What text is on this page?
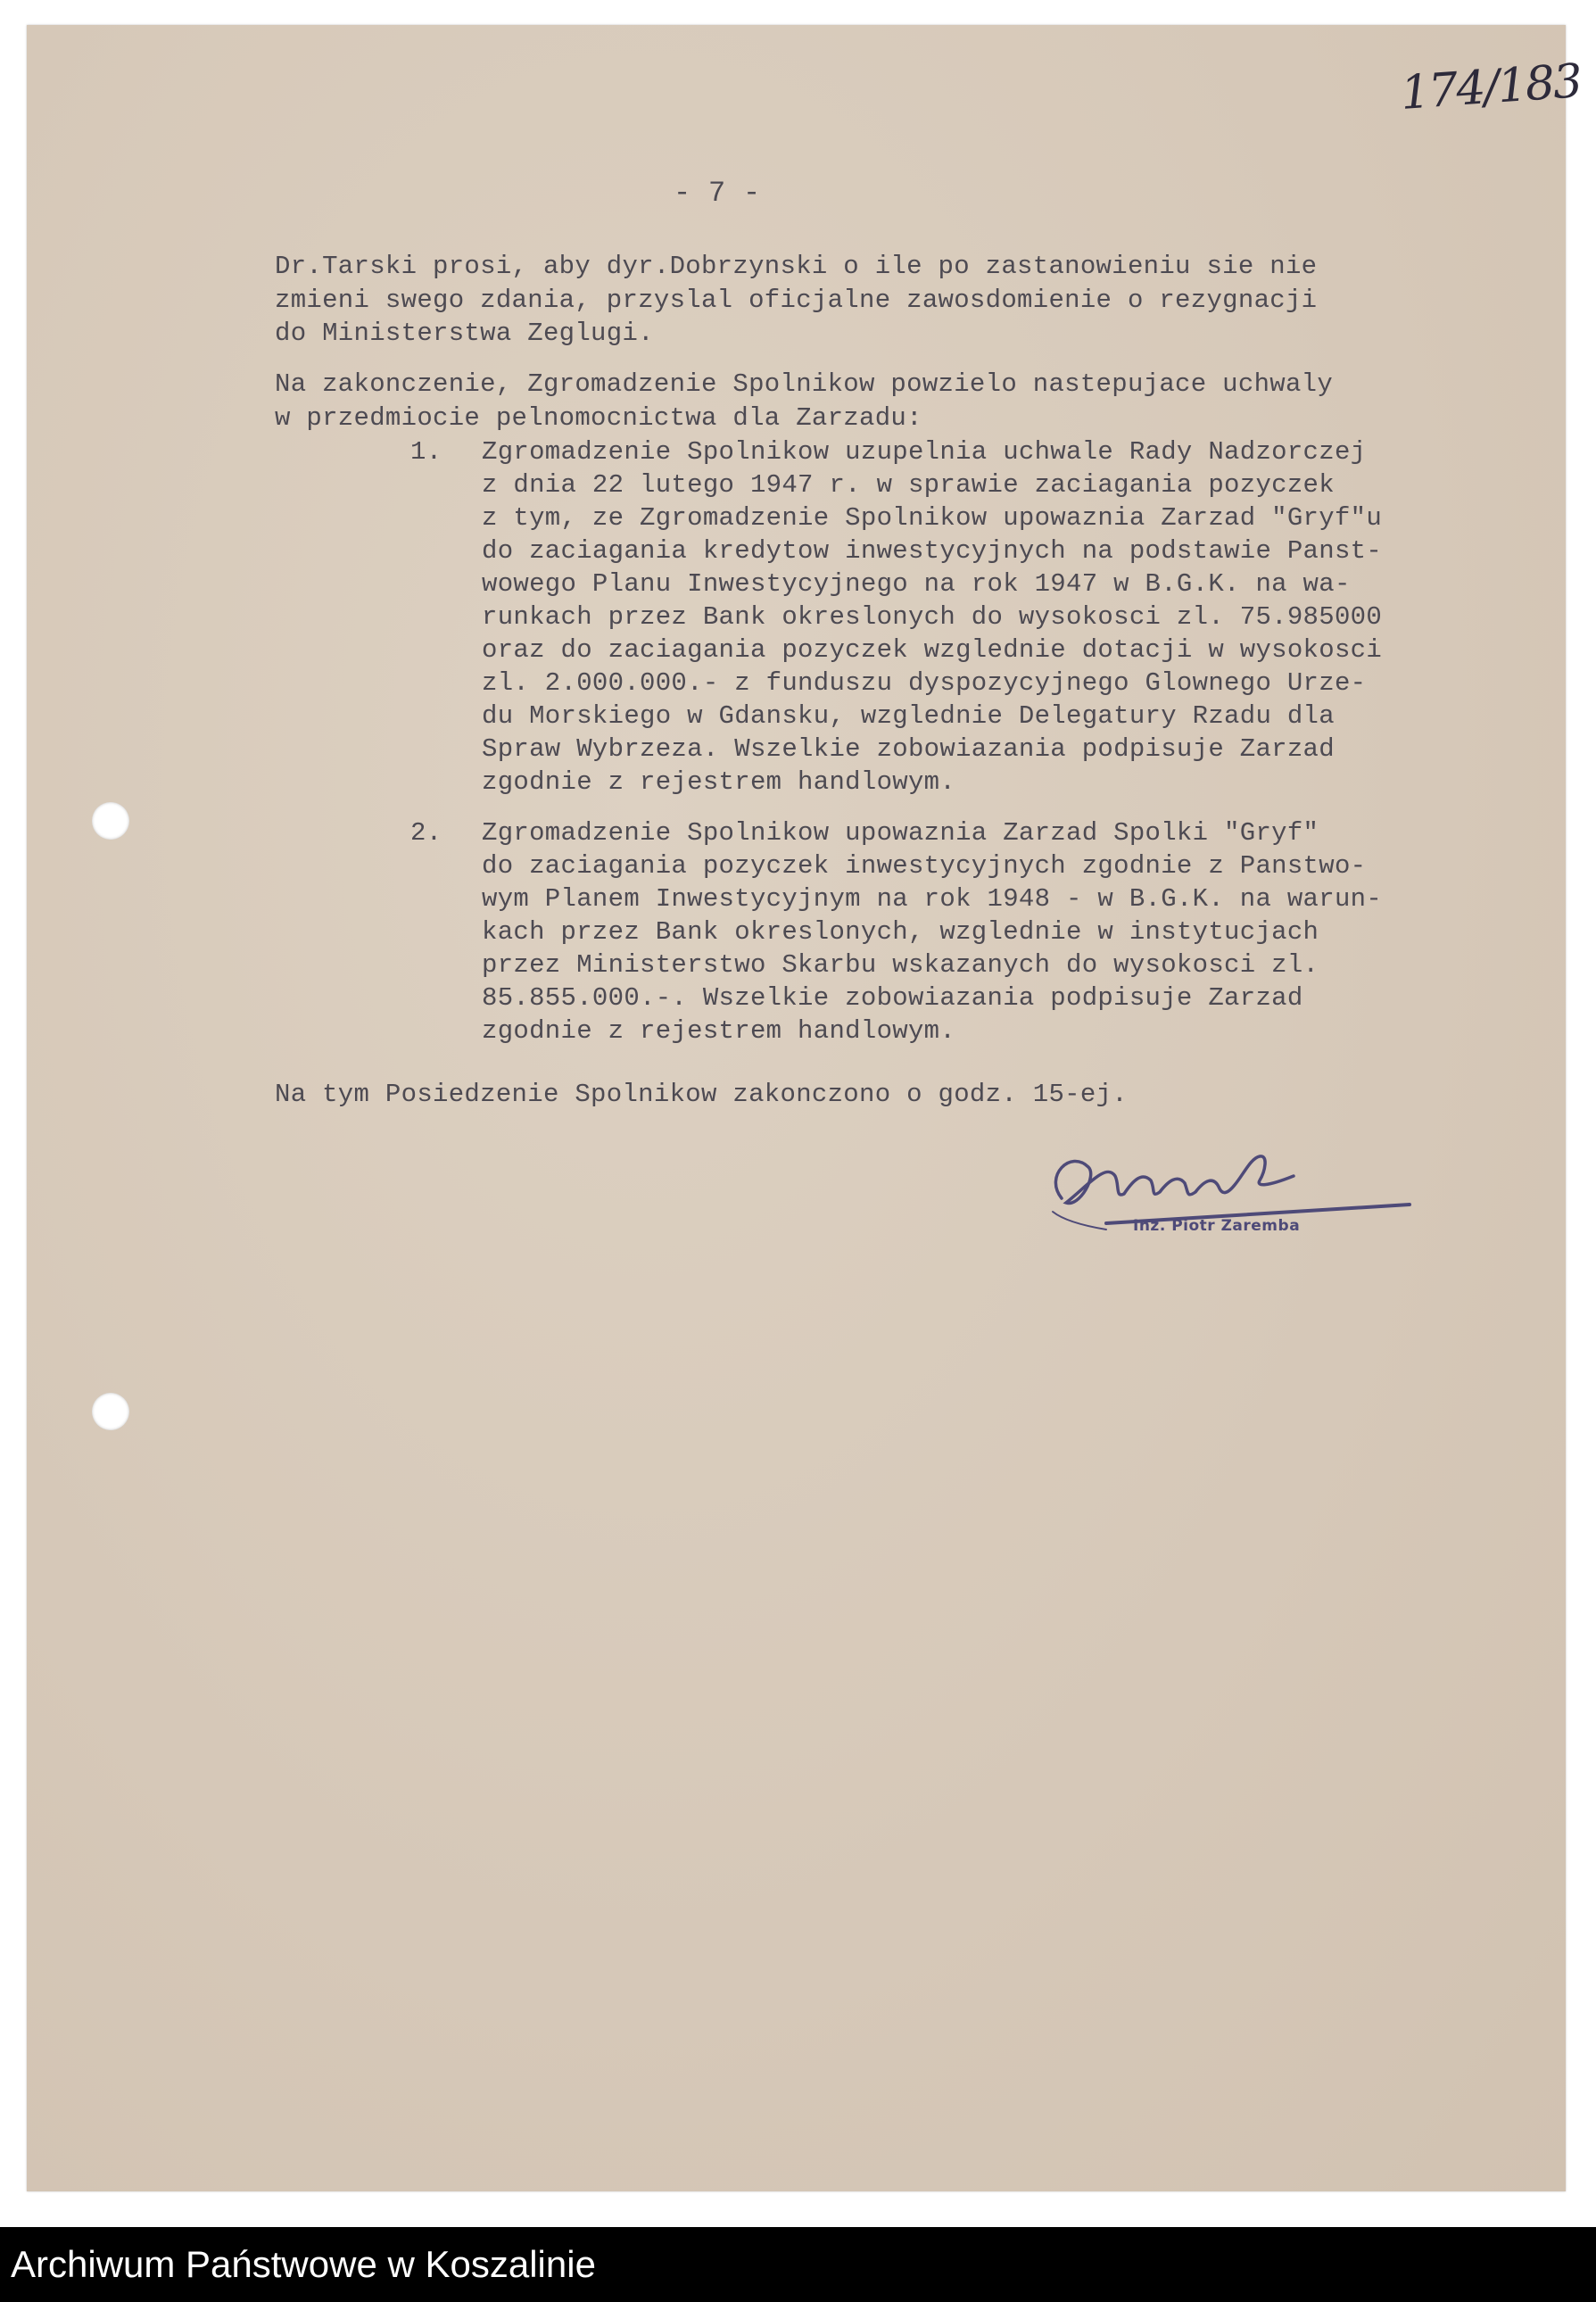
174/183
- 7 -
Dr.Tarski prosi, aby dyr.Dobrzynski o ile po zastanowieniu sie nie
zmieni swego zdania, przyslal oficjalne zawosdomienie o rezygnacji
do Ministerstwa Zeglugi.
Na zakonczenie, Zgromadzenie Spolnikow powzielo nastepujace uchwaly
w przedmiocie pelnomocnictwa dla Zarzadu:
1. Zgromadzenie Spolnikow uzupelnia uchwale Rady Nadzorczej
z dnia 22 lutego 1947 r. w sprawie zaciagania pozyczek
z tym, ze Zgromadzenie Spolnikow upowaznia Zarzad "Gryf"u
do zaciagania kredytow inwestycyjnych na podstawie Panst-
wowego Planu Inwestycyjnego na rok 1947 w B.G.K. na wa-
runkach przez Bank okreslonych do wysokosci zl. 75.985000
oraz do zaciagania pozyczek wzglednie dotacji w wysokosci
zl. 2.000.000.- z funduszu dyspozycyjnego Glownego Urze-
du Morskiego w Gdansku, wzglednie Delegatury Rzadu dla
Spraw Wybrzeza. Wszelkie zobowiazania podpisuje Zarzad
zgodnie z rejestrem handlowym.
2. Zgromadzenie Spolnikow upowaznia Zarzad Spolki "Gryf"
do zaciagania pozyczek inwestycyjnych zgodnie z Panstwo-
wym Planem Inwestycyjnym na rok 1948 - w B.G.K. na warun-
kach przez Bank okreslonych, wzglednie w instytucjach
przez Ministerstwo Skarbu wskazanych do wysokosci zl.
85.855.000.-. Wszelkie zobowiazania podpisuje Zarzad
zgodnie z rejestrem handlowym.
Na tym Posiedzenie Spolnikow zakonczono o godz. 15-ej.
Inż. Piotr Zaremba
Archiwum Państwowe w Koszalinie
